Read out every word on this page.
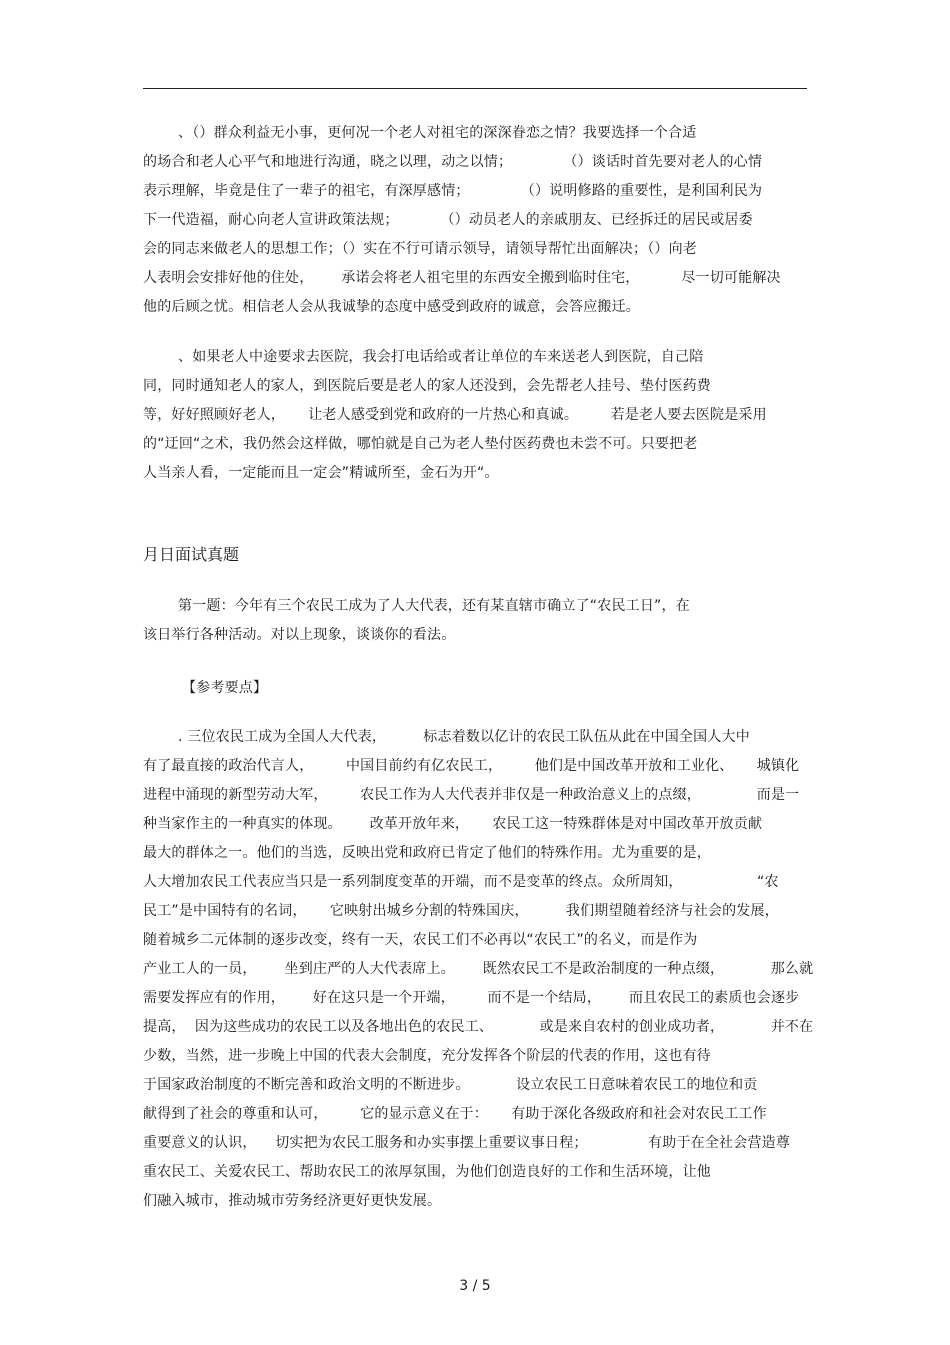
、（）群众利益无小事，更何况一个老人对祖宅的深深眷恋之情？我要选择一个合适
的场合和老人心平气和地进行沟通，晓之以理，动之以情；           （）谈话时首先要对老人的心情
表示理解，毕竟是住了一辈子的祖宅，有深厚感情；           （）说明修路的重要性，是利国利民为
下一代造福，耐心向老人宣讲政策法规；         （）动员老人的亲戚朋友、已经拆迁的居民或居委
会的同志来做老人的思想工作；（）实在不行可请示领导，请领导帮忙出面解决；（）向老
人表明会安排好他的住处，      承诺会将老人祖宅里的东西安全搬到临时住宅，         尽一切可能解决
他的后顾之忧。相信老人会从我诚挚的态度中感受到政府的诚意，会答应搬迁。
、如果老人中途要求去医院，我会打电话给或者让单位的车来送老人到医院，自己陪
同，同时通知老人的家人，到医院后要是老人的家人还没到，会先帮老人挂号、垫付医药费
等，好好照顾好老人，     让老人感受到党和政府的一片热心和真诚。       若是老人要去医院是采用
的“迂回“之术，我仍然会这样做，哪怕就是自己为老人垫付医药费也未尝不可。只要把老
人当亲人看，一定能而且一定会”精诚所至，金石为开“。
月日面试真题
第一题：今年有三个农民工成为了人大代表，还有某直辖市确立了“农民工日”，在
该日举行各种活动。对以上现象，谈谈你的看法。
【参考要点】
. 三位农民工成为全国人大代表，        标志着数以亿计的农民工队伍从此在中国全国人大中
有了最直接的政治代言人，       中国目前约有亿农民工，       他们是中国改革开放和工业化、     城镇化
进程中涌现的新型劳动大军，       农民工作为人大代表并非仅是一种政治意义上的点缀，            而是一
种当家作主的一种真实的体现。      改革开放年来，     农民工这一特殊群体是对中国改革开放贡献
最大的群体之一。他们的当选，反映出党和政府已肯定了他们的特殊作用。尤为重要的是，
人大增加农民工代表应当只是一系列制度变革的开端，而不是变革的终点。众所周知，                “农
民工”是中国特有的名词，     它映射出城乡分割的特殊国庆，        我们期望随着经济与社会的发展，
随着城乡二元体制的逐步改变，终有一天，农民工们不必再以“农民工”的名义，而是作为
产业工人的一员，      坐到庄严的人大代表席上。      既然农民工不是政治制度的一种点缀，          那么就
需要发挥应有的作用，      好在这只是一个开端，       而不是一个结局，      而且农民工的素质也会逐步
提高，  因为这些成功的农民工以及各地出色的农民工、          或是来自农村的创业成功者，          并不在
少数，当然，进一步晚上中国的代表大会制度，充分发挥各个阶层的代表的作用，这也有待
于国家政治制度的不断完善和政治文明的不断进步。          设立农民工日意味着农民工的地位和贡
献得到了社会的尊重和认可，       它的显示意义在于：     有助于深化各级政府和社会对农民工工作
重要意义的认识，    切实把为农民工服务和办实事摆上重要议事日程；             有助于在全社会营造尊
重农民工、关爱农民工、帮助农民工的浓厚氛围，为他们创造良好的工作和生活环境，让他
们融入城市，推动城市劳务经济更好更快发展。
3 / 5
